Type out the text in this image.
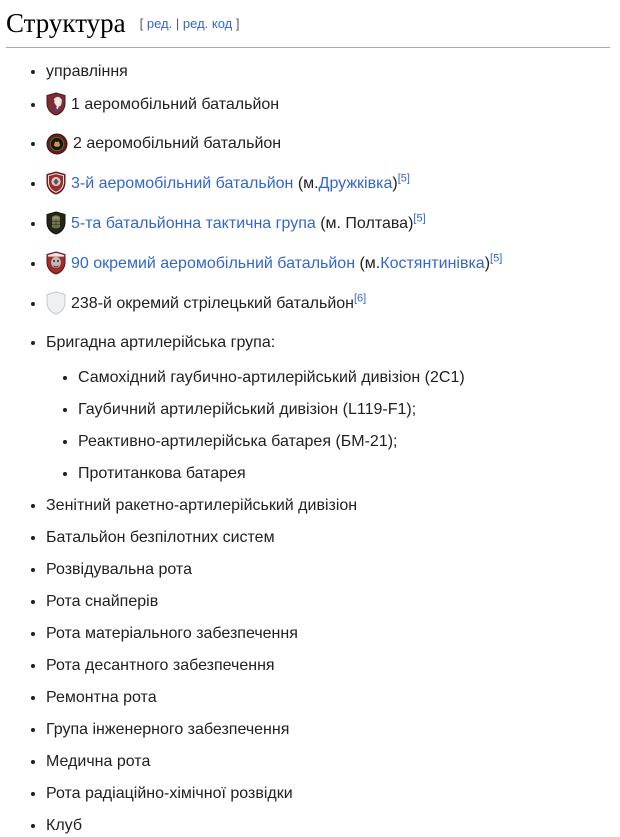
Структура [ ред. | ред. код ]
• управління
• 1 аеромобільний батальйон
• 2 аеромобільний батальйон
• 3-й аеромобільний батальйон (м.Дружківка)[5]
• 5-та батальйонна тактична група (м. Полтава)[5]
• 90 окремий аеромобільний батальйон (м.Костянтинівка)[5]
• 238-й окремий стрілецький батальйон[6]
• Бригадна артилерійська група:
• Самохідний гаубично-артилерійський дивізіон (2С1)
• Гаубичний артилерійський дивізіон (L119-F1);
• Реактивно-артилерійська батарея (БМ-21);
• Протитанкова батарея
• Зенітний ракетно-артилерійський дивізіон
• Батальйон безпілотних систем
• Розвідувальна рота
• Рота снайперів
• Рота матеріального забезпечення
• Рота десантного забезпечення
• Ремонтна рота
• Група інженерного забезпечення
• Медична рота
• Рота радіаційно-хімічної розвідки
• Клуб
